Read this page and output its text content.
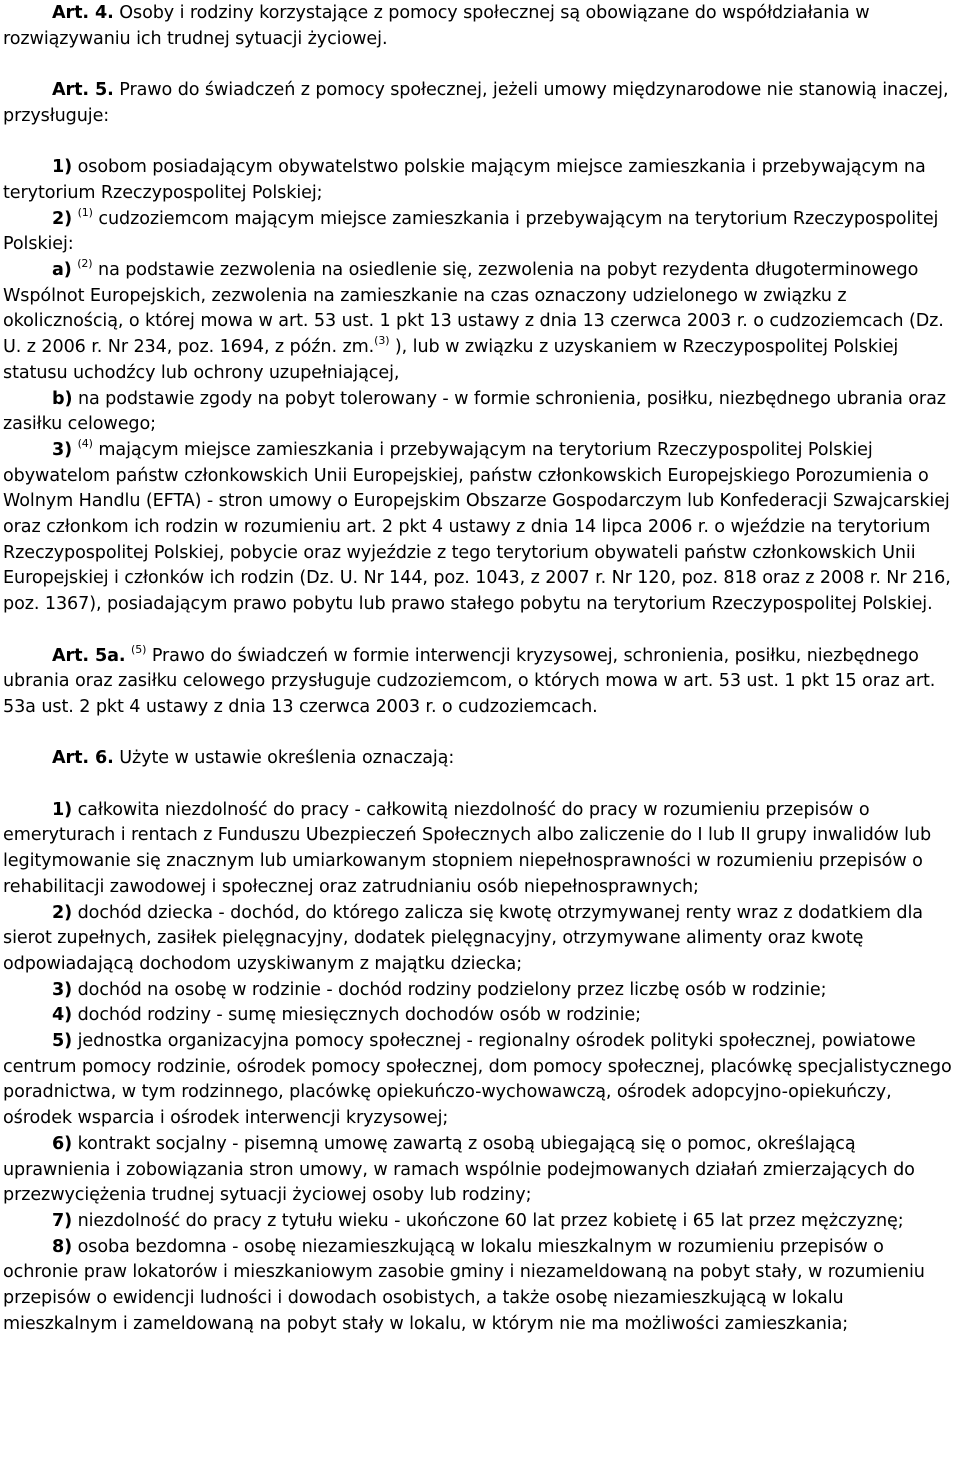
Art. 4. Osoby i rodziny korzystające z pomocy społecznej są obowiązane do współdziałania w rozwiązywaniu ich trudnej sytuacji życiowej.

Art. 5. Prawo do świadczeń z pomocy społecznej, jeżeli umowy międzynarodowe nie stanowią inaczej, przysługuje:

1) osobom posiadającym obywatelstwo polskie mającym miejsce zamieszkania i przebywającym na terytorium Rzeczypospolitej Polskiej;

2) $^{(1)}$ cudzoziemcom mającym miejsce zamieszkania i przebywającym na terytorium Rzeczypospolitej Polskiej:

a) $^{(2)}$ na podstawie zezwolenia na osiedlenie się, zezwolenia na pobyt rezydenta długoterminowego Wspólnot Europejskich, zezwolenia na zamieszkanie na czas oznaczony udzielonego w związku z okolicznością, o której mowa w art. 53 ust. 1 pkt 13 ustawy z dnia 13 czerwca 2003 r. o cudzoziemcach (Dz. U. z 2006 r. Nr 234, poz. 1694, z późn. zm.$^{(3)}$ ), lub w związku z uzyskaniem w Rzeczypospolitej Polskiej statusu uchodźcy lub ochrony uzupełniającej,

b) na podstawie zgody na pobyt tolerowany - w formie schronienia, posiłku, niezbędnego ubrania oraz zasiłku celowego;

3) $^{(4)}$ mającym miejsce zamieszkania i przebywającym na terytorium Rzeczypospolitej Polskiej obywatelom państw członkowskich Unii Europejskiej, państw członkowskich Europejskiego Porozumienia o Wolnym Handlu (EFTA) - stron umowy o Europejskim Obszarze Gospodarczym lub Konfederacji Szwajcarskiej oraz członkom ich rodzin w rozumieniu art. 2 pkt 4 ustawy z dnia 14 lipca 2006 r. o wjeździe na terytorium Rzeczypospolitej Polskiej, pobycie oraz wyjeździe z tego terytorium obywateli państw członkowskich Unii Europejskiej i członków ich rodzin (Dz. U. Nr 144, poz. 1043, z 2007 r. Nr 120, poz. 818 oraz z 2008 r. Nr 216, poz. 1367), posiadającym prawo pobytu lub prawo stałego pobytu na terytorium Rzeczypospolitej Polskiej.

Art. 5a. $^{(5)}$ Prawo do świadczeń w formie interwencji kryzysowej, schronienia, posiłku, niezbędnego ubrania oraz zasiłku celowego przysługuje cudzoziemcom, o których mowa w art. 53 ust. 1 pkt 15 oraz art. 53a ust. 2 pkt 4 ustawy z dnia 13 czerwca 2003 r. o cudzoziemcach.

Art. 6. Użyte w ustawie określenia oznaczają:

1) całkowita niezdolność do pracy - całkowitą niezdolność do pracy w rozumieniu przepisów o emeryturach i rentach z Funduszu Ubezpieczeń Społecznych albo zaliczenie do I lub II grupy inwalidów lub legitymowanie się znacznym lub umiarkowanym stopniem niepełnosprawności w rozumieniu przepisów o rehabilitacji zawodowej i społecznej oraz zatrudnianiu osób niepełnosprawnych;

2) dochód dziecka - dochód, do którego zalicza się kwotę otrzymywanej renty wraz z dodatkiem dla sierot zupełnych, zasiłek pielęgnacyjny, dodatek pielęgnacyjny, otrzymywane alimenty oraz kwotę odpowiadającą dochodom uzyskiwanym z majątku dziecka;

3) dochód na osobę w rodzinie - dochód rodziny podzielony przez liczbę osób w rodzinie;

4) dochód rodziny - sumę miesięcznych dochodów osób w rodzinie;

5) jednostka organizacyjna pomocy społecznej - regionalny ośrodek polityki społecznej, powiatowe centrum pomocy rodzinie, ośrodek pomocy społecznej, dom pomocy społecznej, placówkę specjalistycznego poradnictwa, w tym rodzinnego, placówkę opiekuńczo-wychowawczą, ośrodek adopcyjno-opiekuńczy, ośrodek wsparcia i ośrodek interwencji kryzysowej;

6) kontrakt socjalny - pisemną umowę zawartą z osobą ubiegającą się o pomoc, określającą uprawnienia i zobowiązania stron umowy, w ramach wspólnie podejmowanych działań zmierzających do przezwyciężenia trudnej sytuacji życiowej osoby lub rodziny;

7) niezdolność do pracy z tytułu wieku - ukończone 60 lat przez kobietę i 65 lat przez mężczyznę;

8) osoba bezdomna - osobę niezamieszkującą w lokalu mieszkalnym w rozumieniu przepisów o ochronie praw lokatorów i mieszkaniowym zasobie gminy i niezameldowaną na pobyt stały, w rozumieniu przepisów o ewidencji ludności i dowodach osobistych, a także osobę niezamieszkującą w lokalu mieszkalnym i zameldowaną na pobyt stały w lokalu, w którym nie ma możliwości zamieszkania;
